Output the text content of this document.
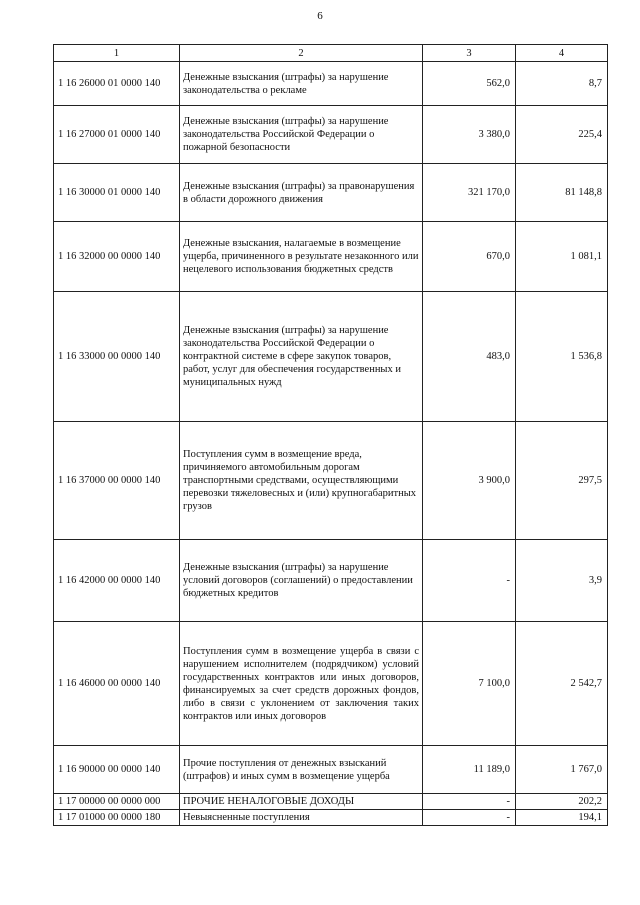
6
1	2	3	4
1 16 26000 01 0000 140	Денежные взыскания (штрафы) за нарушение законодательства о рекламе	562,0	8,7
1 16 27000 01 0000 140	Денежные взыскания (штрафы) за нарушение законодательства Российской Федерации о пожарной безопасности	3 380,0	225,4
1 16 30000 01 0000 140	Денежные взыскания (штрафы) за правонарушения в области дорожного движения	321 170,0	81 148,8
1 16 32000 00 0000 140	Денежные взыскания, налагаемые в возмещение ущерба, причиненного в результате незаконного или нецелевого использования бюджетных средств	670,0	1 081,1
1 16 33000 00 0000 140	Денежные взыскания (штрафы) за нарушение законодательства Российской Федерации о контрактной системе в сфере закупок товаров, работ, услуг для обеспечения государственных и муниципальных нужд	483,0	1 536,8
1 16 37000 00 0000 140	Поступления сумм в возмещение вреда, причиняемого автомобильным дорогам транспортными средствами, осуществляющими перевозки тяжеловесных и (или) крупногабаритных грузов	3 900,0	297,5
1 16 42000 00 0000 140	Денежные взыскания (штрафы) за нарушение условий договоров (соглашений) о предоставлении бюджетных кредитов	-	3,9
1 16 46000 00 0000 140	Поступления сумм в возмещение ущерба в связи с нарушением исполнителем (подрядчиком) условий государственных контрактов или иных договоров, финансируемых за счет средств дорожных фондов, либо в связи с уклонением от заключения таких контрактов или иных договоров	7 100,0	2 542,7
1 16 90000 00 0000 140	Прочие поступления от денежных взысканий (штрафов) и иных сумм в возмещение ущерба	11 189,0	1 767,0
1 17 00000 00 0000 000	ПРОЧИЕ НЕНАЛОГОВЫЕ ДОХОДЫ	-	202,2
1 17 01000 00 0000 180	Невыясненные поступления	-	194,1
